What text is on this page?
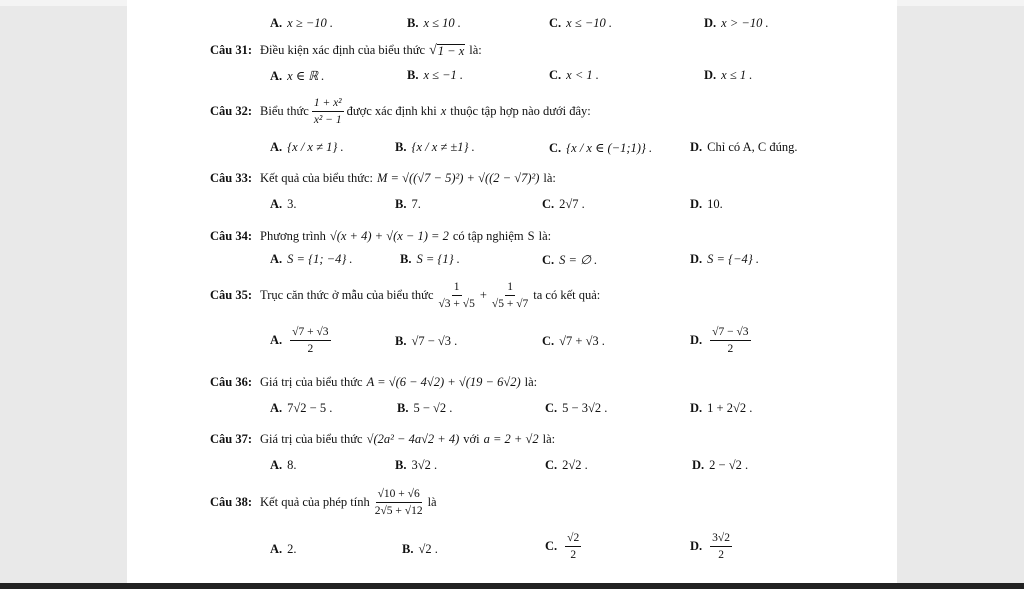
A. x ≥ −10 .	B. x ≤ 10 .	C. x ≤ −10 .	D. x > −10 .
Câu 31: Điều kiện xác định của biểu thức √ 1 − x là:
A. x ∈ ℝ .	B. x ≤ −1 .	C. x < 1 .	D. x ≤ 1 .
Câu 32: Biểu thức $\frac{\text{1 + x²}}{\text{x² − 1}}$ được xác định khi x thuộc tập hợp nào dưới đây:
A. {x / x ≠ 1} .	B. {x / x ≠ ±1} .	C. {x / x ∈ (−1;1)} .	D. Chỉ có A, C đúng.
Câu 33: Kết quả của biểu thức: M = √((√7 − 5)²) + √((2 − √7)²) là:
A. 3.	B. 7.	C. 2√7 .	D. 10.
Câu 34: Phương trình √(x + 4) + √(x − 1) = 2 có tập nghiệm S là:
A. S = {1; −4} .	B. S = {1} .	C. S = ∅ .	D. S = {−4} .
Câu 35: Trục căn thức ở mẫu của biểu thức $\frac{1}{√3 + √5} + \frac{1}{√5 + √7}$ ta có kết quả:
A. $\frac{√7 + √3}{2}$	B. √7 − √3 .	C. √7 + √3 .	D. $\frac{√7 - √3}{2}$
Câu 36: Giá trị của biểu thức A = √(6 − 4√2) + √(19 − 6√2) là:
A. 7√2 − 5 .	B. 5 − √2 .	C. 5 − 3√2 .	D. 1 + 2√2 .
Câu 37: Giá trị của biểu thức √(2a² − 4a√2 + 4) với a = 2 + √2 là:
A. 8.	B. 3√2 .	C. 2√2 .	D. 2 − √2 .
Câu 38: Kết quả của phép tính $\frac{√10 + √6}{2√5 + √12}$ là
A. 2.	B. √2 .	C. $\frac{√2}{2}$	D. $\frac{3√2}{2}$
